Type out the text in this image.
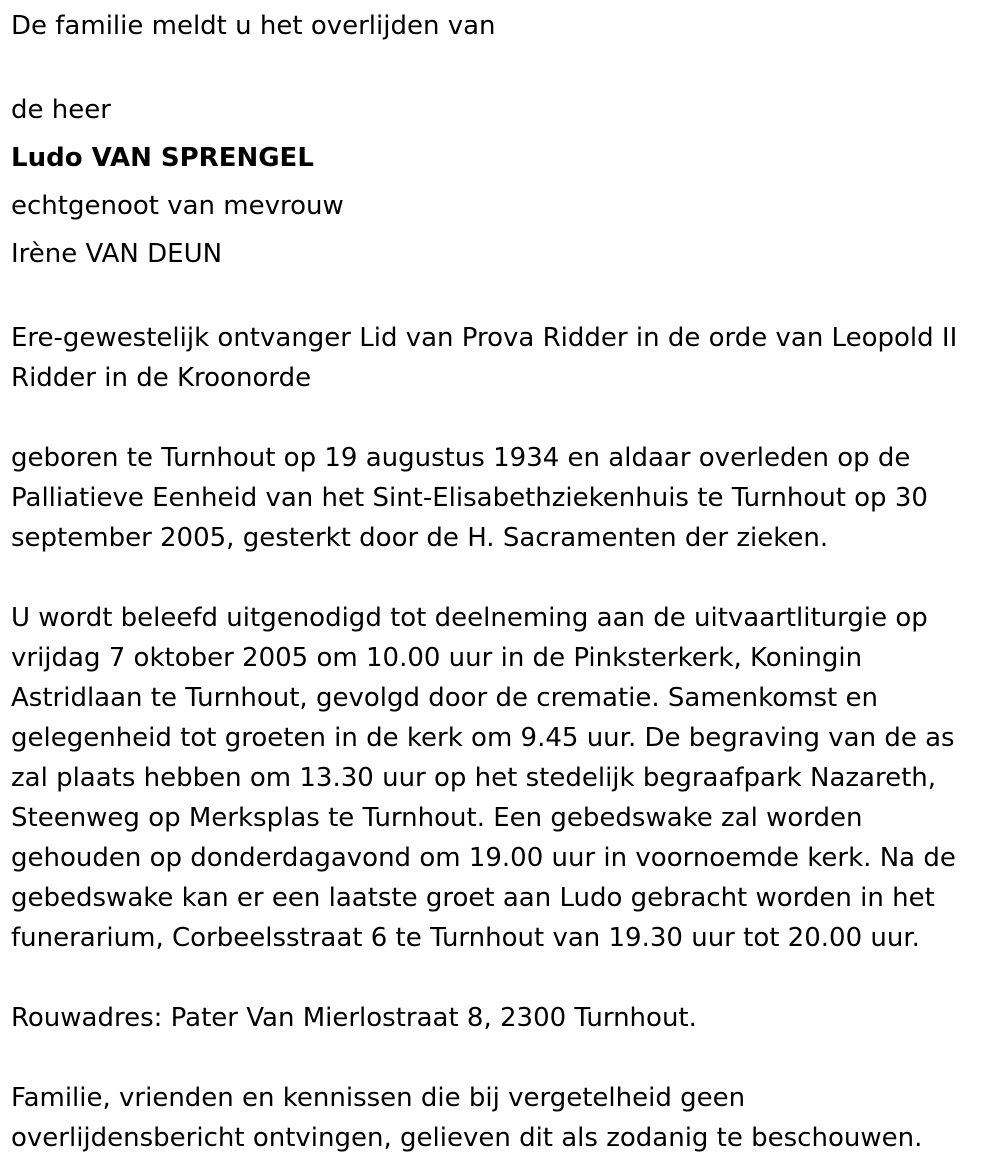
De familie meldt u het overlijden van
de heer
Ludo VAN SPRENGEL
echtgenoot van mevrouw
Irène VAN DEUN
Ere-gewestelijk ontvanger Lid van Prova Ridder in de orde van Leopold II
Ridder in de Kroonorde
geboren te Turnhout op 19 augustus 1934 en aldaar overleden op de
Palliatieve Eenheid van het Sint-Elisabethziekenhuis te Turnhout op 30
september 2005, gesterkt door de H. Sacramenten der zieken.
U wordt beleefd uitgenodigd tot deelneming aan de uitvaartliturgie op
vrijdag 7 oktober 2005 om 10.00 uur in de Pinksterkerk, Koningin
Astridlaan te Turnhout, gevolgd door de crematie. Samenkomst en
gelegenheid tot groeten in de kerk om 9.45 uur. De begraving van de as
zal plaats hebben om 13.30 uur op het stedelijk begraafpark Nazareth,
Steenweg op Merksplas te Turnhout. Een gebedswake zal worden
gehouden op donderdagavond om 19.00 uur in voornoemde kerk. Na de
gebedswake kan er een laatste groet aan Ludo gebracht worden in het
funerarium, Corbeelsstraat 6 te Turnhout van 19.30 uur tot 20.00 uur.
Rouwadres: Pater Van Mierlostraat 8, 2300 Turnhout.
Familie, vrienden en kennissen die bij vergetelheid geen
overlijdensbericht ontvingen, gelieven dit als zodanig te beschouwen.
